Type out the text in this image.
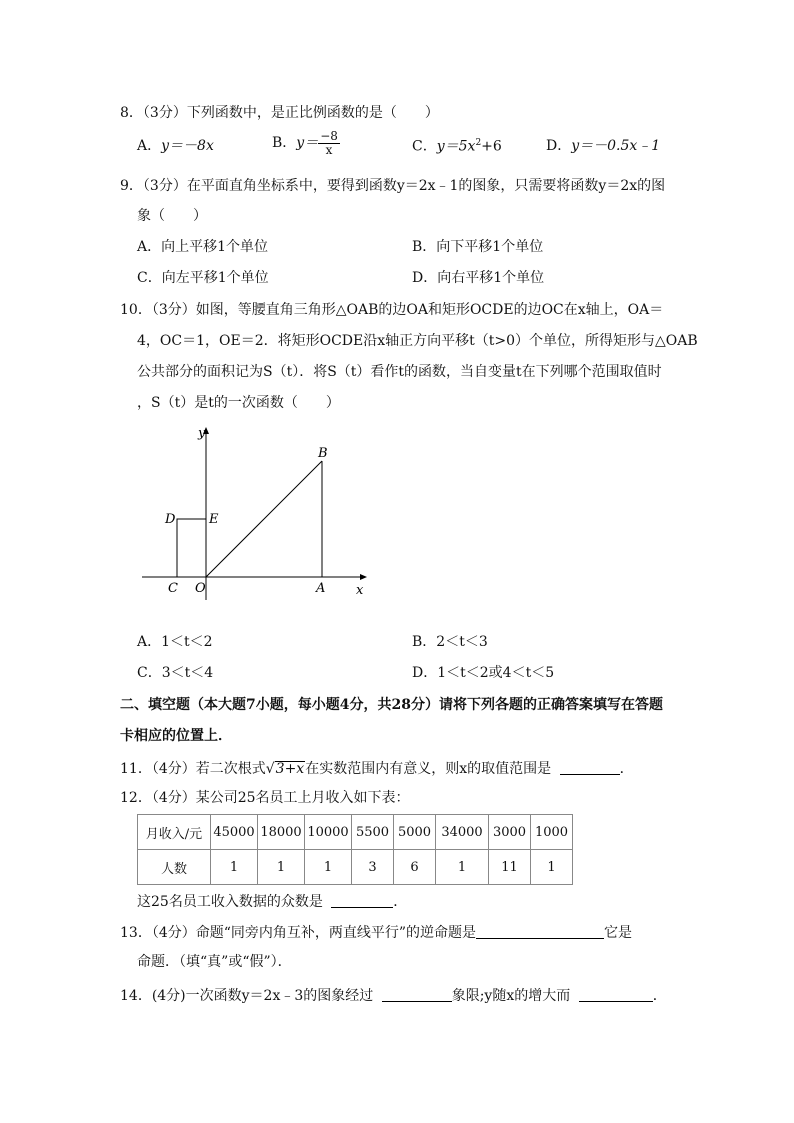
8．（3分）下列函数中，是正比例函数的是（　　）
A．y＝－8x	B．$y= \frac{-8}{x}$	C．$y=5x^2+6$	D．y＝－0.5x﹣1
9．（3分）在平面直角坐标系中，要得到函数y＝2x﹣1的图象，只需要将函数y＝2x的图
象（　　）
A．向上平移1个单位	B．向下平移1个单位
C．向左平移1个单位	D．向右平移1个单位
10．（3分）如图，等腰直角三角形△OAB的边OA和矩形OCDE的边OC在x轴上，OA＝
4，OC＝1，OE＝2．将矩形OCDE沿x轴正方向平移t（t>0）个单位，所得矩形与△OAB
公共部分的面积记为S（t）．将S（t）看作t的函数，当自变量t在下列哪个范围取值时
，S（t）是t的一次函数（　　）
y
x
B
D	E
C O	A
A．1＜t＜2	B．2＜t＜3
C．3＜t＜4	D．1＜t＜2或4＜t＜5
二、填空题（本大题7小题，每小题4分，共28分）请将下列各题的正确答案填写在答题
卡相应的位置上．
11．（4分）若二次根式√3+x在实数范围内有意义，则x的取值范围是	．
12．（4分）某公司25名员工上月收入如下表：
月收入/元	45000	18000	10000	5500	5000	34000	3000	1000
人数	1	1	1	3	6	1	11	1
这25名员工收入数据的众数是	．
13．（4分）命题“同旁内角互补，两直线平行”的逆命题是	它是
命题．（填“真”或“假”）．
14．(4分)一次函数y＝2x﹣3的图象经过	象限;y随x的增大而	．
